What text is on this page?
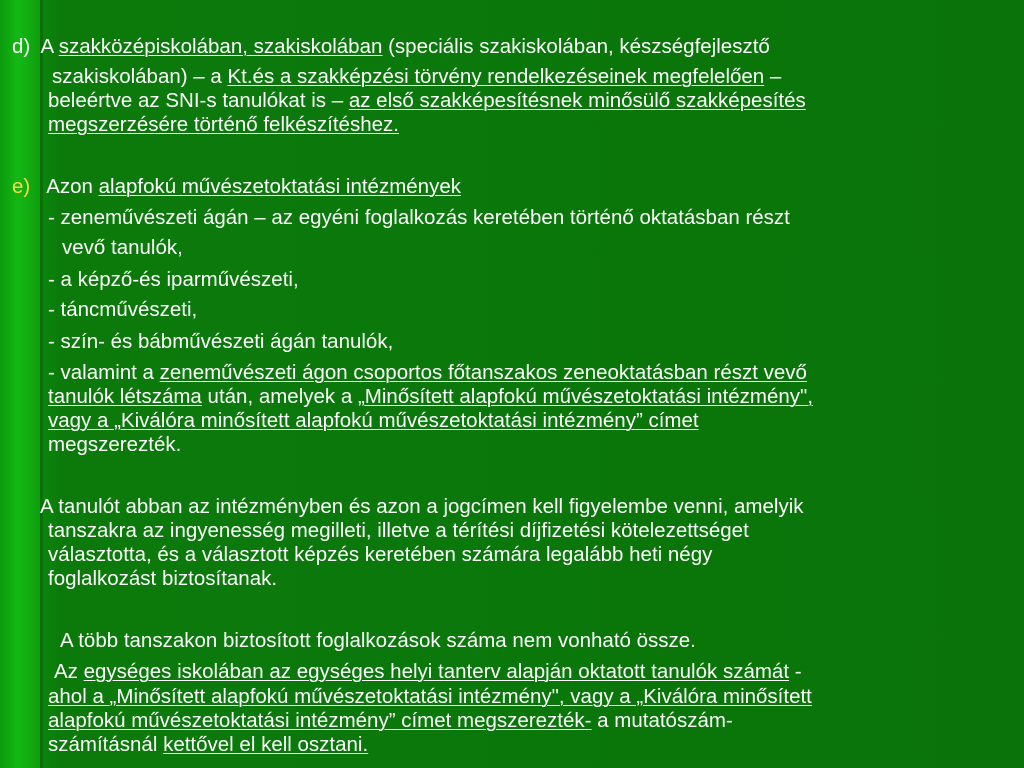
d) A szakközépiskolában, szakiskolában (speciális szakiskolában, készségfejlesztő
szakiskolában) – a Kt.és a szakképzési törvény rendelkezéseinek megfelelően –
beleértve az SNI-s tanulókat is – az első szakképesítésnek minősülő szakképesítés
megszerzésére történő felkészítéshez.
e) Azon alapfokú művészetoktatási intézmények
- zeneművészeti ágán – az egyéni foglalkozás keretében történő oktatásban részt
vevő tanulók,
- a képző-és iparművészeti,
- táncművészeti,
- szín- és bábművészeti ágán tanulók,
- valamint a zeneművészeti ágon csoportos főtanszakos zeneoktatásban részt vevő
tanulók létszáma után, amelyek a „Minősített alapfokú művészetoktatási intézmény",
vagy a „Kiválóra minősített alapfokú művészetoktatási intézmény” címet
megszerezték.
A tanulót abban az intézményben és azon a jogcímen kell figyelembe venni, amelyik
tanszakra az ingyenesség megilleti, illetve a térítési díjfizetési kötelezettséget
választotta, és a választott képzés keretében számára legalább heti négy
foglalkozást biztosítanak.
A több tanszakon biztosított foglalkozások száma nem vonható össze.
Az egységes iskolában az egységes helyi tanterv alapján oktatott tanulók számát -
ahol a „Minősített alapfokú művészetoktatási intézmény", vagy a „Kiválóra minősített
alapfokú művészetoktatási intézmény” címet megszerezték- a mutatószám-
számításnál kettővel el kell osztani.
